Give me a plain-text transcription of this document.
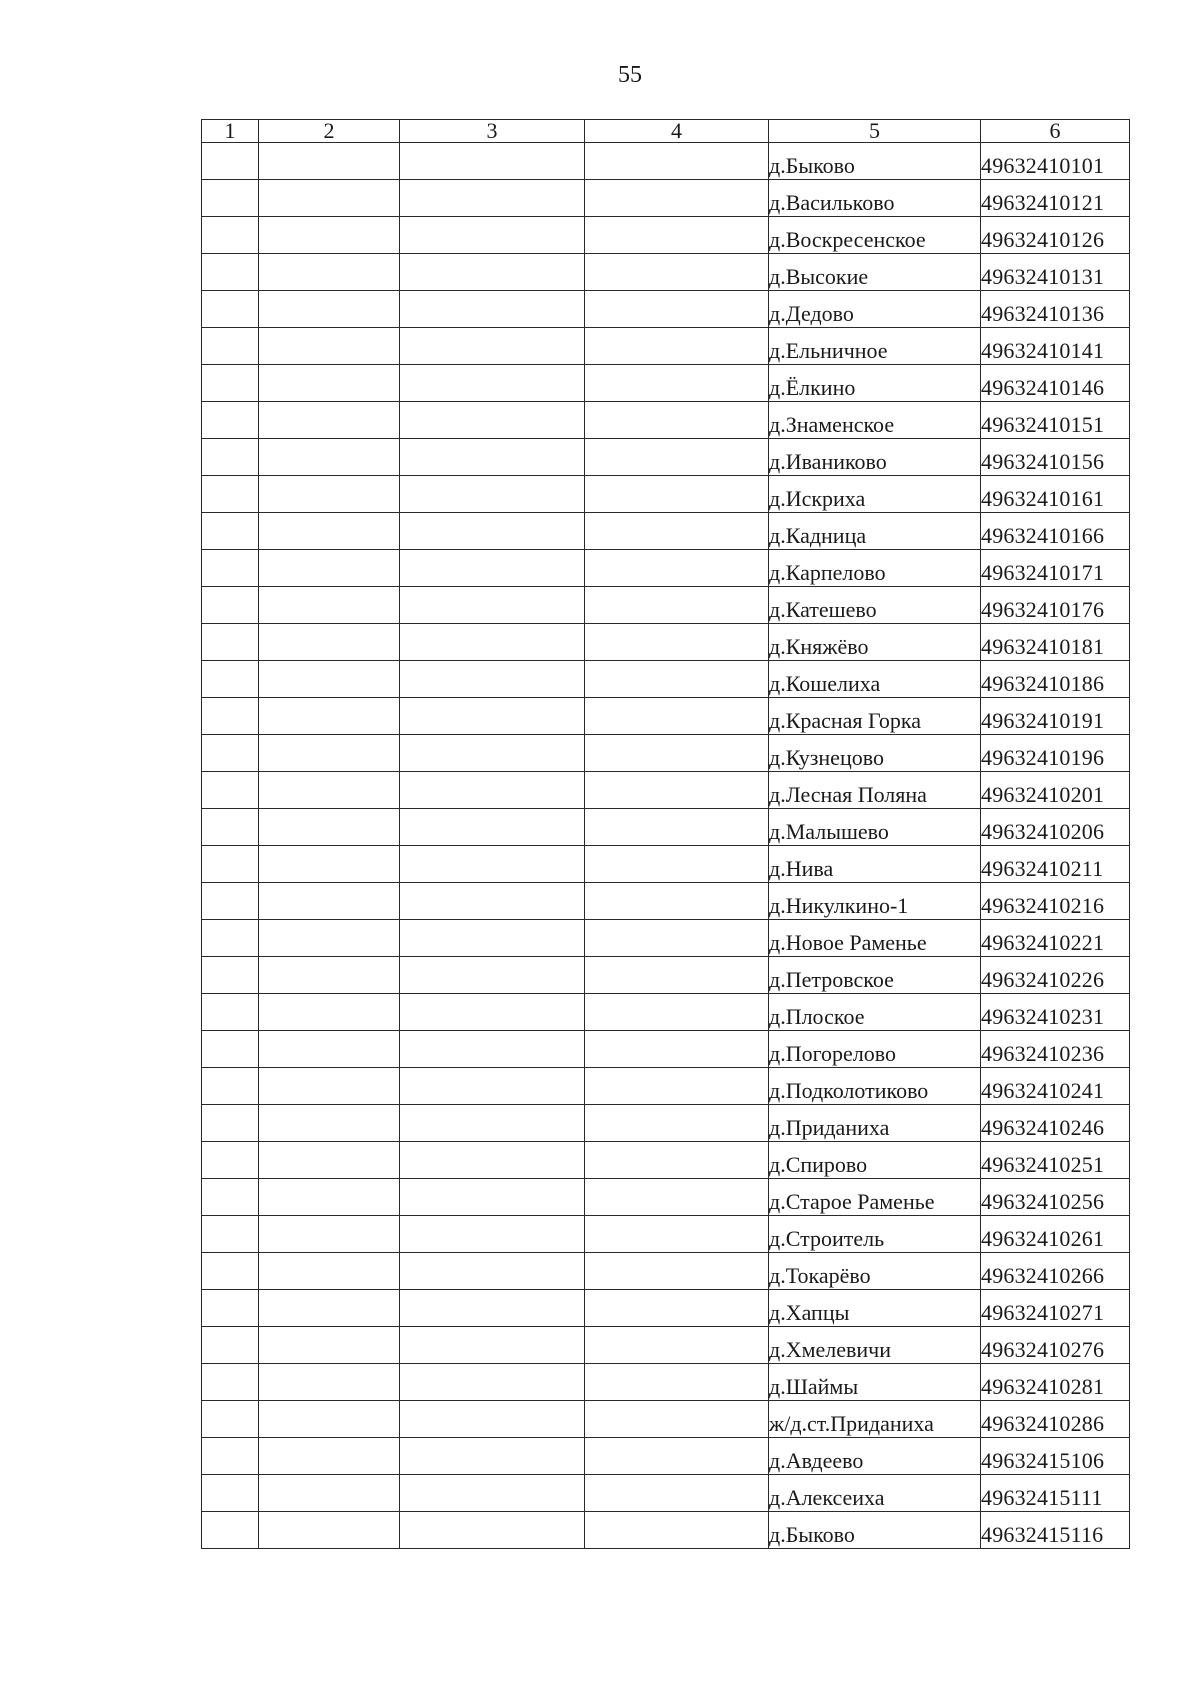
55
1	2	3	4	5	6
				д.Быково	49632410101
				д.Васильково	49632410121
				д.Воскресенское	49632410126
				д.Высокие	49632410131
				д.Дедово	49632410136
				д.Ельничное	49632410141
				д.Ёлкино	49632410146
				д.Знаменское	49632410151
				д.Иваниково	49632410156
				д.Искриха	49632410161
				д.Кадница	49632410166
				д.Карпелово	49632410171
				д.Катешево	49632410176
				д.Княжёво	49632410181
				д.Кошелиха	49632410186
				д.Красная Горка	49632410191
				д.Кузнецово	49632410196
				д.Лесная Поляна	49632410201
				д.Малышево	49632410206
				д.Нива	49632410211
				д.Никулкино-1	49632410216
				д.Новое Раменье	49632410221
				д.Петровское	49632410226
				д.Плоское	49632410231
				д.Погорелово	49632410236
				д.Подколотиково	49632410241
				д.Приданиха	49632410246
				д.Спирово	49632410251
				д.Старое Раменье	49632410256
				д.Строитель	49632410261
				д.Токарёво	49632410266
				д.Хапцы	49632410271
				д.Хмелевичи	49632410276
				д.Шаймы	49632410281
				ж/д.ст.Приданиха	49632410286
				д.Авдеево	49632415106
				д.Алексеиха	49632415111
				д.Быково	49632415116
